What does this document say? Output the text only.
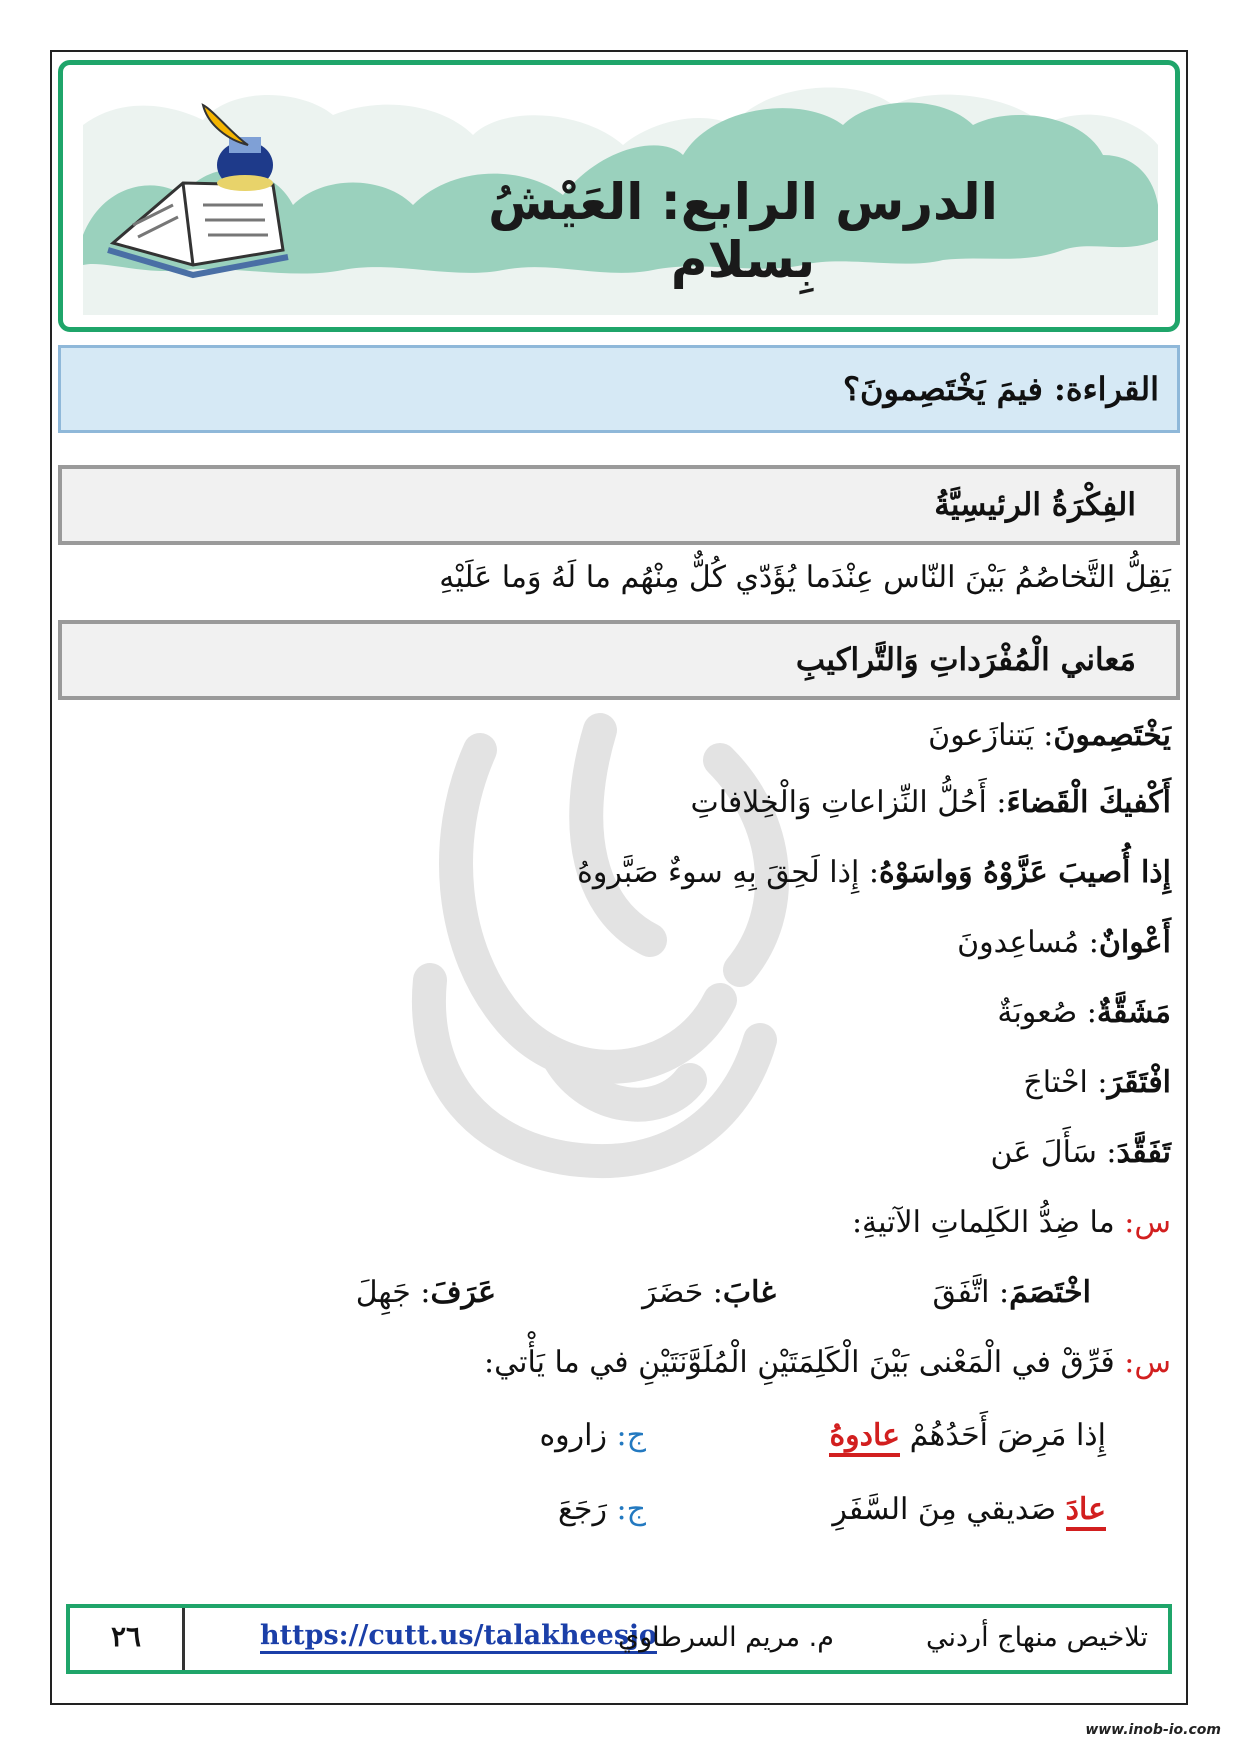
الدرس الرابع: العَيْشُ بِسلام
القراءة: فيمَ يَخْتَصِمونَ؟
الفِكْرَةُ الرئيسِيَّةُ
يَقِلُّ التَّخاصُمُ بَيْنَ النّاس عِنْدَما يُؤَدّي كُلٌّ مِنْهُم ما لَهُ وَما عَلَيْهِ
مَعاني الْمُفْرَداتِ وَالتَّراكيبِ
يَخْتَصِمونَ: يَتنازَعونَ
أَكْفيكَ الْقَضاءَ: أَحُلُّ النِّزاعاتِ وَالْخِلافاتِ
إِذا أُصيبَ عَزَّوْهُ وَواسَوْهُ: إِذا لَحِقَ بِهِ سوءٌ صَبَّروهُ
أَعْوانٌ: مُساعِدونَ
مَشَقَّةٌ: صُعوبَةٌ
افْتَقَرَ: احْتاجَ
تَفَقَّدَ: سَأَلَ عَن
س: ما ضِدُّ الكَلِماتِ الآتيةِ:
اخْتَصَمَ: اتَّفَقَ
غابَ: حَضَرَ
عَرَفَ: جَهِلَ
س: فَرِّقْ في الْمَعْنى بَيْنَ الْكَلِمَتَيْنِ الْمُلَوَّنَتَيْنِ في ما يَأْتي:
إِذا مَرِضَ أَحَدُهُمْ عادوهُ
ج: زاروه
عادَ صَديقي مِنَ السَّفَرِ
ج: رَجَعَ
٢٦	https://cutt.us/talakheesjo
م. مريم السرطاوي	تلاخيص منهاج أردني
www.inob-io.com
